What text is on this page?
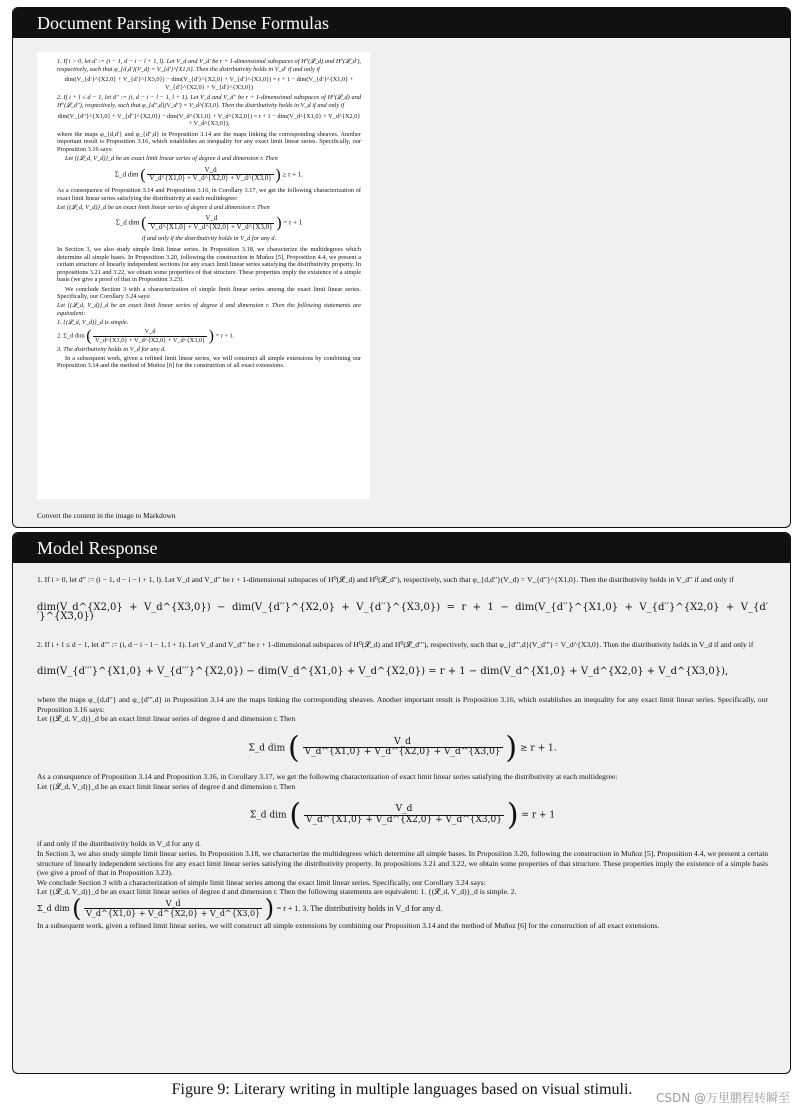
Document Parsing with Dense Formulas

1. If i > 0, let d′ := (i − 1, d − i − l + 1, l). Let V_d and V_d′ be r + 1-dimensional subspaces of H⁰(𝓛_d) and H⁰(𝓛_d′), respectively, such that φ_{d,d′}(V_d) = V_{d′}^{X1,0}. Then the distributivity holds in V_d′ if and only if

dim(V_{d′}^{X2,0} + V_{d′}^{X3,0}) − dim(V_{d′}^{X2,0} + V_{d′}^{X3,0}) = r + 1 − dim(V_{d′}^{X1,0} + V_{d′}^{X2,0} + V_{d′}^{X3,0})

2. If i + l ≤ d − 1, let d′′ := (i, d − i − l − 1, l + 1). Let V_d and V_d′′ be r + 1-dimensional subspaces of H⁰(𝓛_d) and H⁰(𝓛_d′′), respectively, such that φ_{d′′,d}(V_d′′) = V_d^{X3,0}. Then the distributivity holds in V_d if and only if

dim(V_{d′′}^{X1,0} + V_{d′′}^{X2,0}) − dim(V_d^{X1,0} + V_d^{X2,0}) = r + 1 − dim(V_d^{X1,0} + V_d^{X2,0} + V_d^{X3,0}),

where the maps φ_{d,d′} and φ_{d′′,d} in Proposition 3.14 are the maps linking the corresponding sheaves. Another important result is Proposition 3.16, which establishes an inequality for any exact limit linear series. Specifically, our Proposition 3.16 says:

Let {(𝓛_d, V_d)}_d be an exact limit linear series of degree d and dimension r. Then

Σ_d dim ( $\frac{V\_d}{V\_d\^{}\{X1,0\} + V\_d\^{}\{X2,0\} + V\_d\^{}\{X3,0\}}$ ) ≥ r + 1.

As a consequence of Proposition 3.14 and Proposition 3.16, in Corollary 3.17, we get the following characterization of exact limit linear series satisfying the distributivity at each multidegree:

Let {(𝓛_d, V_d)}_d be an exact limit linear series of degree d and dimension r. Then

Σ_d dim ( $\frac{V\_d}{V\_d\^{}\{X1,0\} + V\_d\^{}\{X2,0\} + V\_d\^{}\{X3,0\}}$ ) = r + 1

if and only if the distributivity holds in V_d for any d.

In Section 3, we also study simple limit linear series. In Proposition 3.18, we characterize the multidegrees which determine all simple bases. In Proposition 3.20, following the construction in Muñoz [5], Proposition 4.4, we present a certain structure of linearly independent sections for any exact limit linear series satisfying the distributivity property. In propositions 3.21 and 3.22, we obtain some properties of that structure. These properties imply the existence of a simple basis (we give a proof of that in Proposition 3.23).

We conclude Section 3 with a characterization of simple limit linear series among the exact limit linear series. Specifically, our Corollary 3.24 says:

Let {(𝓛_d, V_d)}_d be an exact limit linear series of degree d and dimension r. Then the following statements are equivalent:

1. {(𝓛_d, V_d)}_d is simple.

2. Σ_d dim ( $\frac{V\_d}{V\_d\^{}\{X1,0\} + V\_d\^{}\{X2,0\} + V\_d\^{}\{X3,0\}}$ ) = r + 1.

3. The distributivity holds in V_d for any d.

In a subsequent work, given a refined limit linear series, we will construct all simple extensions by combining our Proposition 3.14 and the method of Muñoz [6] for the construction of all exact extensions.

Convert the content in the image to Markdown
Model Response

1. If i > 0, let d′′ := (i − 1, d − i − l + 1, l). Let V_d and V_d′′ be r + 1-dimensional subspaces of H⁰(𝓛_d) and H⁰(𝓛_d′′), respectively, such that φ_{d,d′′}(V_d) = V_{d′′}^{X1,0}. Then the distributivity holds in V_d′′ if and only if

dim(V_d^{X2,0} + V_d^{X3,0}) − dim(V_{d′′}^{X2,0} + V_{d′′}^{X3,0}) = r + 1 − dim(V_{d′′}^{X1,0} + V_{d′′}^{X2,0} + V_{d′′}^{X3,0})

2. If i + l ≤ d − 1, let d′′′ := (i, d − i − l − 1, l + 1). Let V_d and V_d′′′ be r + 1-dimensional subspaces of H⁰(𝓛_d) and H⁰(𝓛_d′′′), respectively, such that φ_{d′′′,d}(V_d′′′) = V_d^{X3,0}. Then the distributivity holds in V_d if and only if

dim(V_{d′′′}^{X1,0} + V_{d′′′}^{X2,0}) − dim(V_d^{X1,0} + V_d^{X2,0}) = r + 1 − dim(V_d^{X1,0} + V_d^{X2,0} + V_d^{X3,0}),

where the maps φ_{d,d′′} and φ_{d′′′,d} in Proposition 3.14 are the maps linking the corresponding sheaves. Another important result is Proposition 3.16, which establishes an inequality for any exact limit linear series. Specifically, our Proposition 3.16 says:

Let {(𝓛_d, V_d)}_d be an exact limit linear series of degree d and dimension r. Then

Σ_d dim ( $\frac{V\_d}{V\_d\^{}\{X1,0\} + V\_d\^{}\{X2,0\} + V\_d\^{}\{X3,0\}}$ ) ≥ r + 1.

As a consequence of Proposition 3.14 and Proposition 3.16, in Corollary 3.17, we get the following characterization of exact limit linear series satisfying the distributivity at each multidegree:

Let {(𝓛_d, V_d)}_d be an exact limit linear series of degree d and dimension r. Then

Σ_d dim ( $\frac{V\_d}{V\_d\^{}\{X1,0\} + V\_d\^{}\{X2,0\} + V\_d\^{}\{X3,0\}}$ ) = r + 1

if and only if the distributivity holds in V_d for any d.

In Section 3, we also study simple limit linear series. In Proposition 3.18, we characterize the multidegrees which determine all simple bases. In Proposition 3.20, following the construction in Muñoz [5], Proposition 4.4, we present a certain structure of linearly independent sections for any exact limit linear series satisfying the distributivity property. In propositions 3.21 and 3.22, we obtain some properties of that structure. These properties imply the existence of a simple basis (we give a proof of that in Proposition 3.23).

We conclude Section 3 with a characterization of simple limit linear series among the exact limit linear series. Specifically, our Corollary 3.24 says:

Let {(𝓛_d, V_d)}_d be an exact limit linear series of degree d and dimension r. Then the following statements are equivalent: 1. {(𝓛_d, V_d)}_d is simple. 2.

Σ_d dim ( $\frac{V\_d}{V\_d\^{}\{X1,0\} + V\_d\^{}\{X2,0\} + V\_d\^{}\{X3,0\}}$ ) = r + 1. 3. The distributivity holds in V_d for any d.

In a subsequent work, given a refined limit linear series, we will construct all simple extensions by combining our Proposition 3.14 and the method of Muñoz [6] for the construction of all exact extensions.

Figure 9: Literary writing in multiple languages based on visual stimuli.	CSDN @万里鹏程转瞬至
